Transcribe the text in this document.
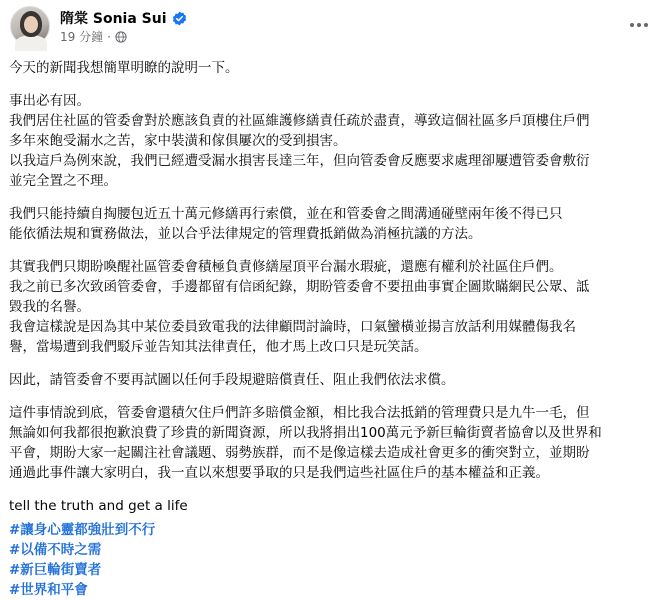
隋棠 Sonia Sui
19 分鐘 ·
今天的新聞我想簡單明瞭的說明一下。
事出必有因。
我們居住社區的管委會對於應該負責的社區維護修繕責任疏於盡責，導致這個社區多戶頂樓住戶們
多年來飽受漏水之苦，家中裝潢和傢俱屢次的受到損害。
以我這戶為例來說，我們已經遭受漏水損害長達三年，但向管委會反應要求處理卻屢遭管委會敷衍
並完全置之不理。
我們只能持續自掏腰包近五十萬元修繕再行索償，並在和管委會之間溝通碰壁兩年後不得已只
能依循法規和實務做法，並以合乎法律規定的管理費抵銷做為消極抗議的方法。
其實我們只期盼喚醒社區管委會積極負責修繕屋頂平台漏水瑕疵，還應有權利於社區住戶們。
我之前已多次致函管委會，手邊都留有信函紀錄，期盼管委會不要扭曲事實企圖欺瞞網民公眾、詆
毀我的名譽。
我會這樣說是因為其中某位委員致電我的法律顧問討論時，口氣蠻橫並揚言放話利用媒體傷我名
譽，當場遭到我們駁斥並告知其法律責任，他才馬上改口只是玩笑話。
因此，請管委會不要再試圖以任何手段規避賠償責任、阻止我們依法求償。
這件事情說到底，管委會還積欠住戶們許多賠償金額，相比我合法抵銷的管理費只是九牛一毛，但
無論如何我都很抱歉浪費了珍貴的新聞資源，所以我將捐出100萬元予新巨輪街賣者協會以及世界和
平會，期盼大家一起關注社會議題、弱勢族群，而不是像這樣去造成社會更多的衝突對立，並期盼
通過此事件讓大家明白，我一直以來想要爭取的只是我們這些社區住戶的基本權益和正義。
tell the truth and get a life
#讓身心靈都強壯到不行
#以備不時之需
#新巨輪街賣者
#世界和平會
